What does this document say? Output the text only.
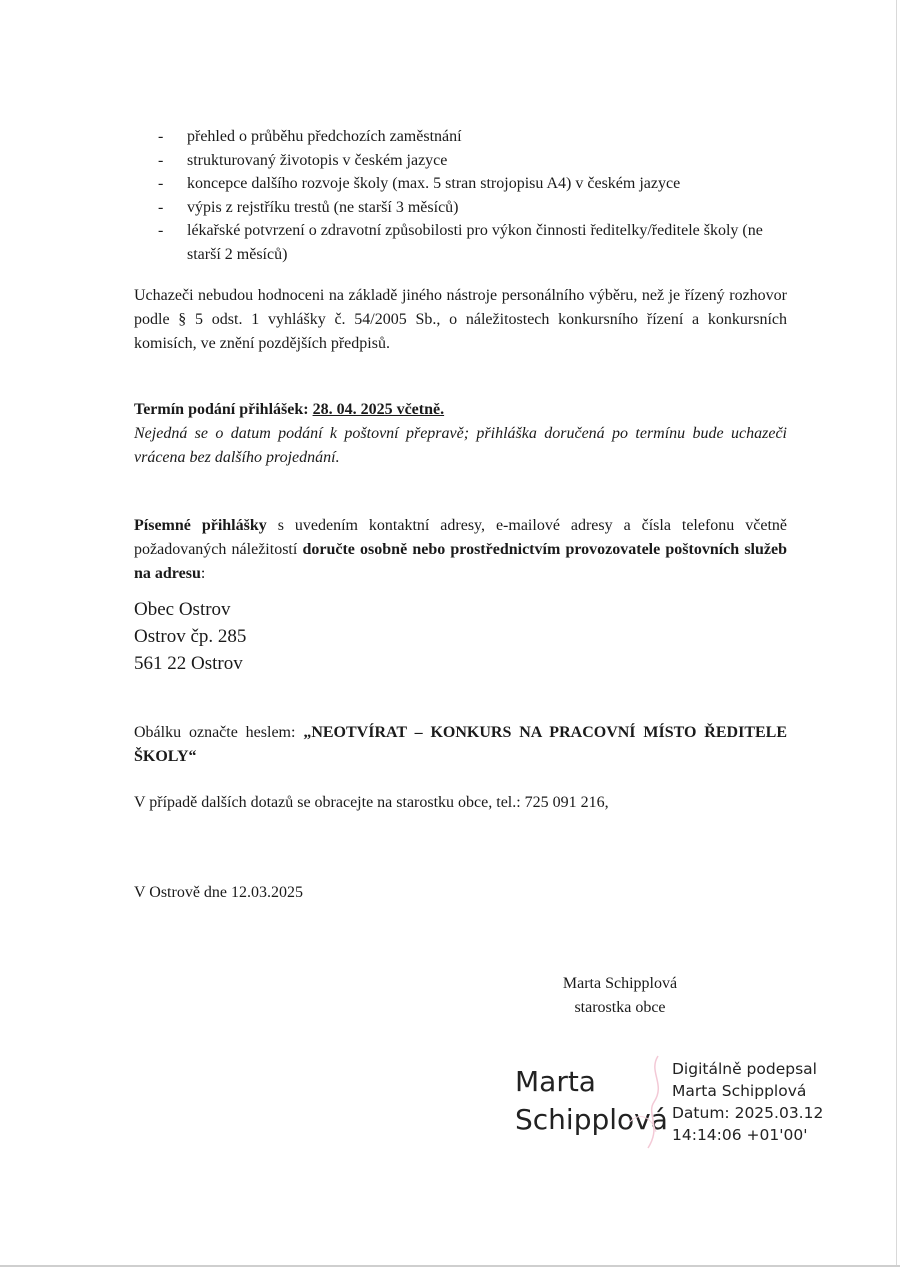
-	přehled o průběhu předchozích zaměstnání
-	strukturovaný životopis v českém jazyce
-	koncepce dalšího rozvoje školy (max. 5 stran strojopisu A4) v českém jazyce
-	výpis z rejstříku trestů (ne starší 3 měsíců)
-	lékařské potvrzení o zdravotní způsobilosti pro výkon činnosti ředitelky/ředitele školy (ne starší 2 měsíců)

Uchazeči nebudou hodnoceni na základě jiného nástroje personálního výběru, než je řízený rozhovor podle § 5 odst. 1 vyhlášky č. 54/2005 Sb., o náležitostech konkursního řízení a konkursních komisích, ve znění pozdějších předpisů.

Termín podání přihlášek: 28. 04. 2025 včetně.
Nejedná se o datum podání k poštovní přepravě; přihláška doručená po termínu bude uchazeči vrácena bez dalšího projednání.

Písemné přihlášky s uvedením kontaktní adresy, e-mailové adresy a čísla telefonu včetně požadovaných náležitostí doručte osobně nebo prostřednictvím provozovatele poštovních služeb na adresu:

Obec Ostrov
Ostrov čp. 285
561 22 Ostrov

Obálku označte heslem: „NEOTVÍRAT – KONKURS NA PRACOVNÍ MÍSTO ŘEDITELE ŠKOLY“

V případě dalších dotazů se obracejte na starostku obce, tel.: 725 091 216,

V Ostrově dne 12.03.2025

Marta Schipplová
starostka obce
Marta
Schipplová
Digitálně podepsal
Marta Schipplová
Datum: 2025.03.12
14:14:06 +01'00'
